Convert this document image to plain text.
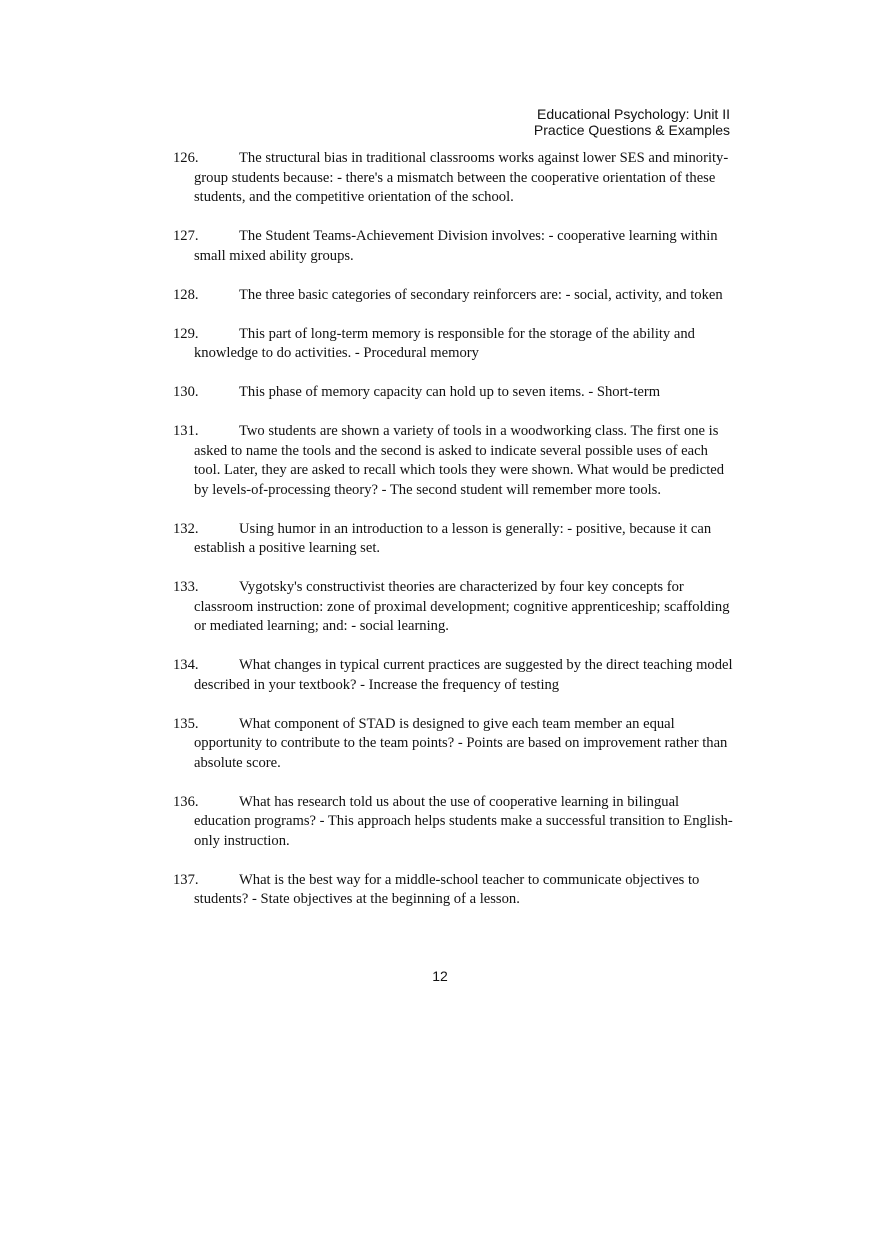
Educational Psychology: Unit II
Practice Questions & Examples

126.	The structural bias in traditional classrooms works against lower SES and minority-group students because: - there's a mismatch between the cooperative orientation of these students, and the competitive orientation of the school.

127.	The Student Teams-Achievement Division involves: - cooperative learning within small mixed ability groups.

128.	The three basic categories of secondary reinforcers are: - social, activity, and token

129.	This part of long-term memory is responsible for the storage of the ability and knowledge to do activities. - Procedural memory

130.	This phase of memory capacity can hold up to seven items. - Short-term

131.	Two students are shown a variety of tools in a woodworking class. The first one is asked to name the tools and the second is asked to indicate several possible uses of each tool. Later, they are asked to recall which tools they were shown. What would be predicted by levels-of-processing theory? - The second student will remember more tools.

132.	Using humor in an introduction to a lesson is generally: - positive, because it can establish a positive learning set.

133.	Vygotsky's constructivist theories are characterized by four key concepts for classroom instruction: zone of proximal development; cognitive apprenticeship; scaffolding or mediated learning; and: - social learning.

134.	What changes in typical current practices are suggested by the direct teaching model described in your textbook? - Increase the frequency of testing

135.	What component of STAD is designed to give each team member an equal opportunity to contribute to the team points? - Points are based on improvement rather than absolute score.

136.	What has research told us about the use of cooperative learning in bilingual education programs? - This approach helps students make a successful transition to English-only instruction.

137.	What is the best way for a middle-school teacher to communicate objectives to students? - State objectives at the beginning of a lesson.

12
